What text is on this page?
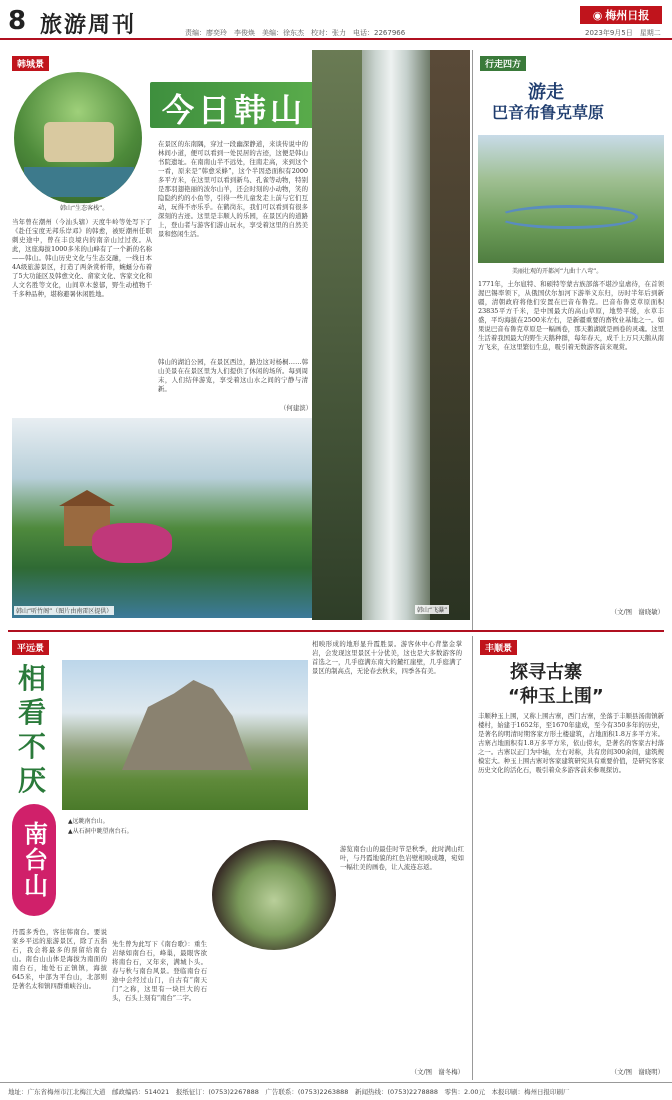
8 旅游周刊	责编：廖奕玲　李俊焕　美编：徐东杰　校对：张力　电话：2267966
◉ 梅州日报
2023年9月5日　星期二
韩城景
韩山“生态客栈”。
今日韩山
当年曾在潮州（今汕头辖）天度牛岭等处写下了《赴任宝度无邦乐岸邓》的韩愈，被贬潮州任职刺史途中，曾在丰良境内的南亲山过过夜。从此，这座海拔1000多米的山峰有了一个新的名称——韩山。韩山历史文化与生态交融，一线日本4A级旅游景区，打造了两条赏析带，蜿蜒分布着了5大功能区及韩愈文化、畲家文化、客家文化和人文名胜等文化，山间草木葱郁，野生动植物千千多种品种，堪称避暑休闲胜地。
在景区的东南隅，穿过一段幽深静道，来谈传说中的林间小道，便可以看到一处民居的古迹，这便是韩山书院遗址。在南南山半不远处，往南走高，来到这个一看，原来是“韩愈采蜂”，这个半因恐面积有2000多平方米，在这里可以看到新鸟、孔雀等动物，特别是那羽翅艳丽的波尔山羊，还会时刻的小动物，笑的隐隐约约的小鱼等，引得一些儿童发走上前与它们互动，玩得不亦乐乎。在鹤岗东，我们可以看到有很多深刻的古迹。这里是丰顺人的乐园，在景区内的道路上，登山者与游客们游山玩水，享受着这里的自然美景和悠闲生活。
韩山的湖泊公园，在景区西边，路边这对杨桐……韩山美景在在景区里为人们提供了休闲的场所。每到周末，人们结伴游览，享受着这山水之间的宁静与清新。
（何建滨）
韩山“飞瀑”
韩山“听竹阁”（图片由南雷区提供）
行走四方
游走
巴音布鲁克草原
美丽壮观的开都河“九曲十八弯”。
1771年，土尔扈特、和硕特等蒙古族部落不堪沙皇虐待，在首领渥巴锡率领下，从俄国伏尔加河下游举义东归，历时半年后到新疆，清朝政府将他们安置在巴音布鲁克。巴音布鲁克草原面积23835平方千米，是中国最大的高山草原，地势平缓，水草丰盛，平均海拔在2500米左右，是新疆重要的畜牧业基地之一。如果说巴音布鲁克草原是一幅画卷，那天鹅湖就是画卷的灵魂。这里生活着我国最大的野生天鹅种群，每年春天，成千上万只天鹅从南方飞来，在这里繁衍生息，吸引着无数游客前来观赏。
（文/图　谢晓敏）
平远景
相
看
不
厌
南台山	▲远眺南台山。
▲从石洞中眺望南台石。
丹霞多秀色，客往韩南台。要说家乡平远的旅游景区，除了五指石，我会将最多的票留给南台山。南台山山体是海拔为南面的南台石，地处石正镇镇，海拔645米，中部为平台山，北部则是著名太和镇四群重峡谷山。
先生曾为此写下《南台歌》：重生岩绿如南台石，峰巢，最眼客欲将南台石，又年来，满城卜头。春与秋与南台风景。登临南台石途中会经过山门，自古有“南天门”之称，这里有一块巨大的石头，石头上刻有“南台”二字。
相映形成的地形显升霞胜景。游客休中心背靠金掌岩，会发现这里景区十分优美，这也是大多数游客的首选之一，几乎庭满东南大的麓红崖壁，几乎庭满了景区的制高点，无论春去秋来，四季各有美。
游览南台山的最佳时节是秋季，此时满山红叶，与丹霞地貌的红色岩壁相映成趣，宛如一幅壮美的画卷，让人流连忘返。
（文/图　谢冬梅）
丰顺景
探寻古寨
“种玉上围”
丰顺种玉上围，又称上围古寨，西门古寨，坐落于丰顺县汤南镇新楼村，始建于1652年，至1670年建成，至今有350多年的历史，是著名的明清时期客家方形土楼建筑，占地面积1.8万多平方米。古寨占地面积有1.8万多平方米，依山傍水，是著名的客家古村落之一。古寨以正门为中轴，左右对称，共有房间300余间，建筑规模宏大。种玉上围古寨对客家建筑研究具有重要价值，是研究客家历史文化的活化石，吸引着众多游客前来参观探访。
（文/图　谢晓明）
地址：广东省梅州市江北梅江大道　邮政编码：514021　报纸征订：(0753)2267888　广告联系：(0753)2263888　新闻热线：(0753)2278888　零售：2.00元　本报印刷：梅州日报印刷厂
